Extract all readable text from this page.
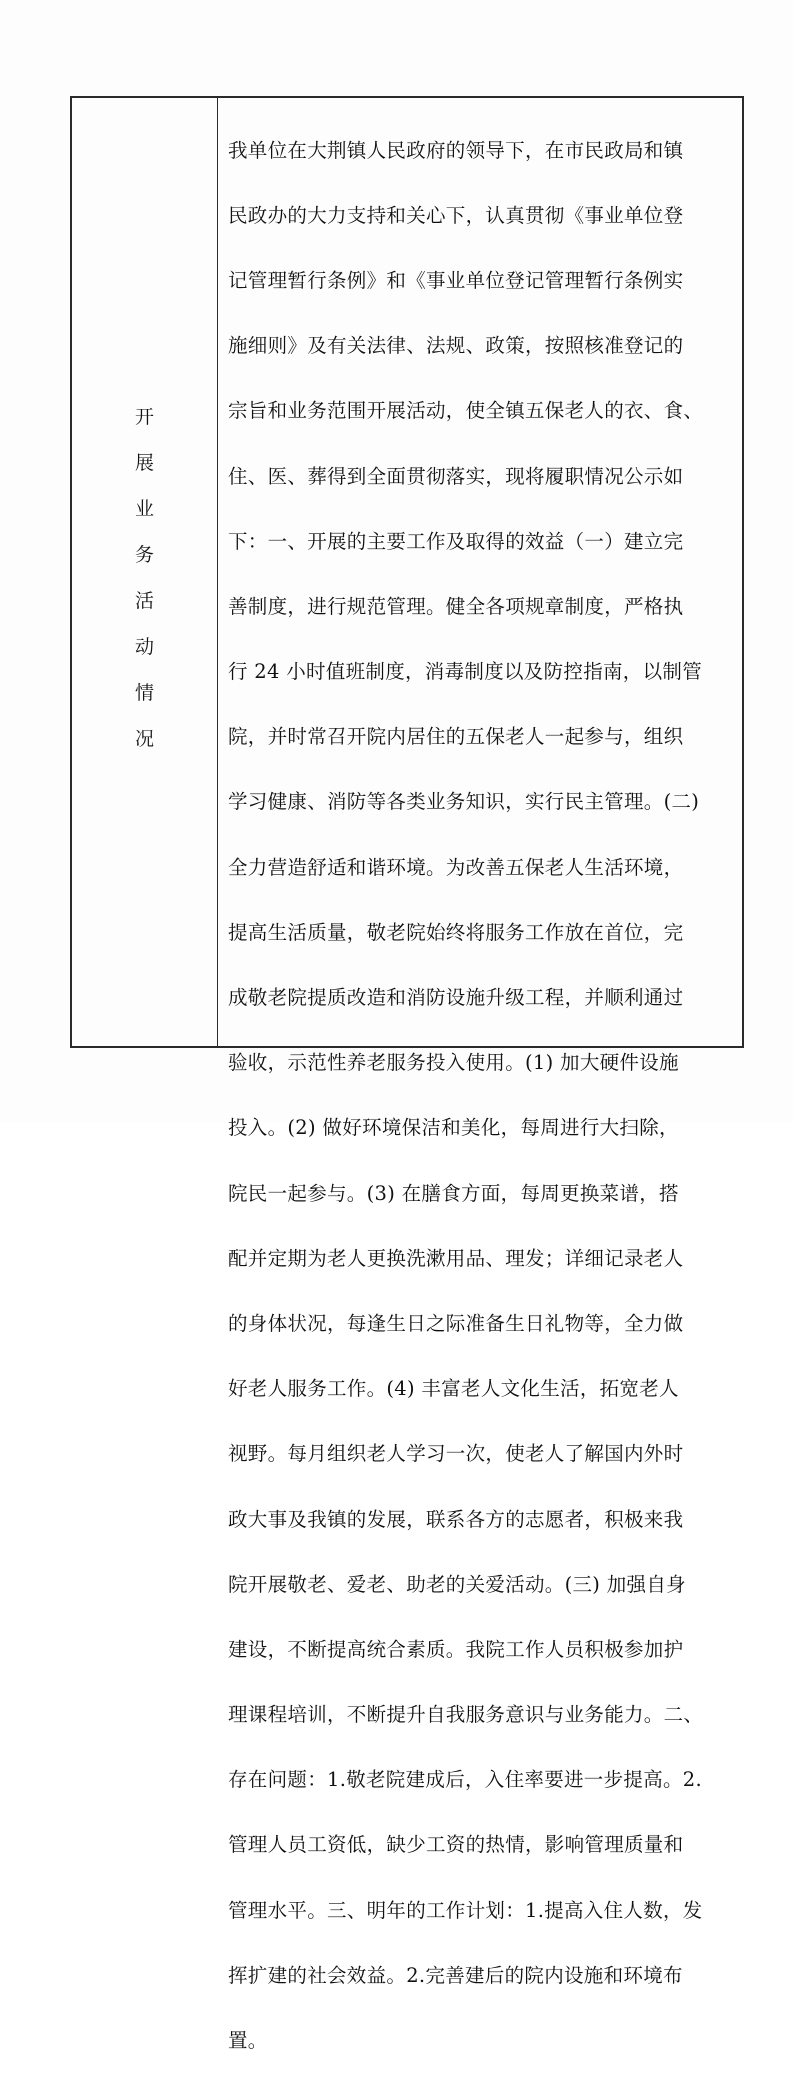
开
展
业
务
活
动
情
况

我单位在大荆镇人民政府的领导下，在市民政局和镇

民政办的大力支持和关心下，认真贯彻《事业单位登

记管理暂行条例》和《事业单位登记管理暂行条例实

施细则》及有关法律、法规、政策，按照核准登记的

宗旨和业务范围开展活动，使全镇五保老人的衣、食、

住、医、葬得到全面贯彻落实，现将履职情况公示如

下：一、开展的主要工作及取得的效益（一）建立完

善制度，进行规范管理。健全各项规章制度，严格执

行 24 小时值班制度，消毒制度以及防控指南，以制管

院，并时常召开院内居住的五保老人一起参与，组织

学习健康、消防等各类业务知识，实行民主管理。(二)

全力营造舒适和谐环境。为改善五保老人生活环境，

提高生活质量，敬老院始终将服务工作放在首位，完

成敬老院提质改造和消防设施升级工程，并顺利通过

验收，示范性养老服务投入使用。(1) 加大硬件设施

投入。(2) 做好环境保洁和美化，每周进行大扫除，

院民一起参与。(3) 在膳食方面，每周更换菜谱，搭

配并定期为老人更换洗漱用品、理发；详细记录老人

的身体状况，每逢生日之际准备生日礼物等，全力做

好老人服务工作。(4) 丰富老人文化生活，拓宽老人

视野。每月组织老人学习一次，使老人了解国内外时

政大事及我镇的发展，联系各方的志愿者，积极来我

院开展敬老、爱老、助老的关爱活动。(三) 加强自身

建设，不断提高统合素质。我院工作人员积极参加护

理课程培训，不断提升自我服务意识与业务能力。二、

存在问题：1.敬老院建成后，入住率要进一步提高。2.

管理人员工资低，缺少工资的热情，影响管理质量和

管理水平。三、明年的工作计划：1.提高入住人数，发

挥扩建的社会效益。2.完善建后的院内设施和环境布

置。
